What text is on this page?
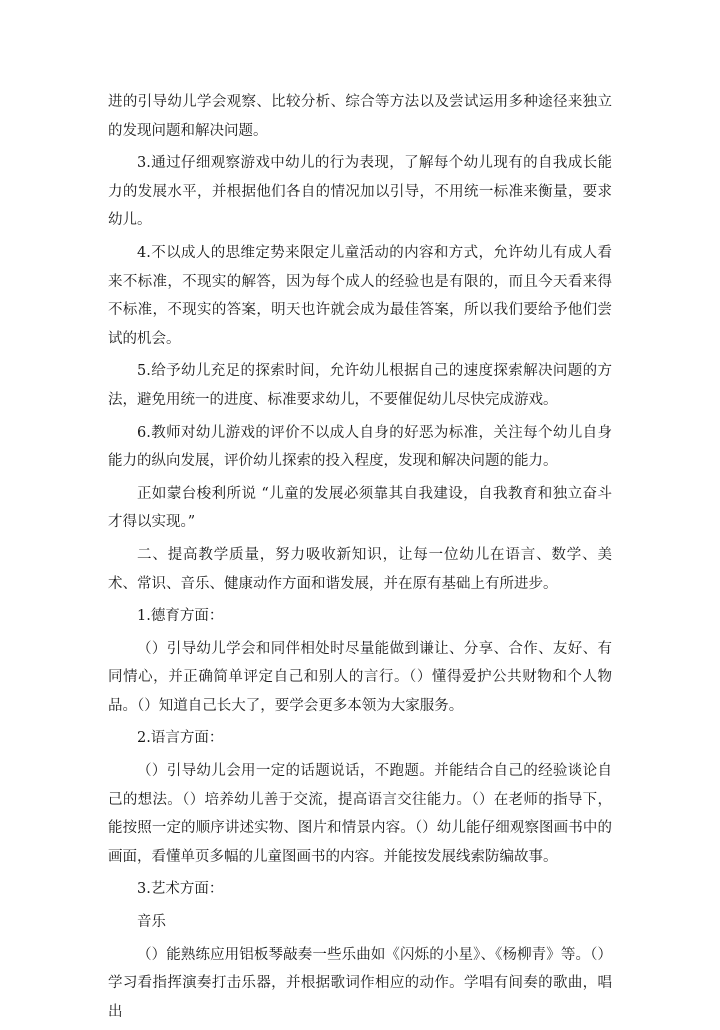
进的引导幼儿学会观察、比较分析、综合等方法以及尝试运用多种途径来独立的发现问题和解决问题。

3.通过仔细观察游戏中幼儿的行为表现，了解每个幼儿现有的自我成长能力的发展水平，并根据他们各自的情况加以引导，不用统一标准来衡量，要求幼儿。

4.不以成人的思维定势来限定儿童活动的内容和方式，允许幼儿有成人看来不标准，不现实的解答，因为每个成人的经验也是有限的，而且今天看来得不标准，不现实的答案，明天也许就会成为最佳答案，所以我们要给予他们尝试的机会。

5.给予幼儿充足的探索时间，允许幼儿根据自己的速度探索解决问题的方法，避免用统一的进度、标准要求幼儿，不要催促幼儿尽快完成游戏。

6.教师对幼儿游戏的评价不以成人自身的好恶为标准，关注每个幼儿自身能力的纵向发展，评价幼儿探索的投入程度，发现和解决问题的能力。

正如蒙台梭利所说 “儿童的发展必须靠其自我建设，自我教育和独立奋斗才得以实现。”

二、提高教学质量，努力吸收新知识，让每一位幼儿在语言、数学、美术、常识、音乐、健康动作方面和谐发展，并在原有基础上有所进步。

1.德育方面：

（）引导幼儿学会和同伴相处时尽量能做到谦让、分享、合作、友好、有同情心，并正确简单评定自己和别人的言行。（）懂得爱护公共财物和个人物品。（）知道自己长大了，要学会更多本领为大家服务。

2.语言方面：

（）引导幼儿会用一定的话题说话，不跑题。并能结合自己的经验谈论自己的想法。（）培养幼儿善于交流，提高语言交往能力。（）在老师的指导下，能按照一定的顺序讲述实物、图片和情景内容。（）幼儿能仔细观察图画书中的画面，看懂单页多幅的儿童图画书的内容。并能按发展线索防编故事。

3.艺术方面：

音乐

（）能熟练应用铝板琴敲奏一些乐曲如《闪烁的小星》、《杨柳青》等。（）学习看指挥演奏打击乐器，并根据歌词作相应的动作。学唱有间奏的歌曲，唱出
